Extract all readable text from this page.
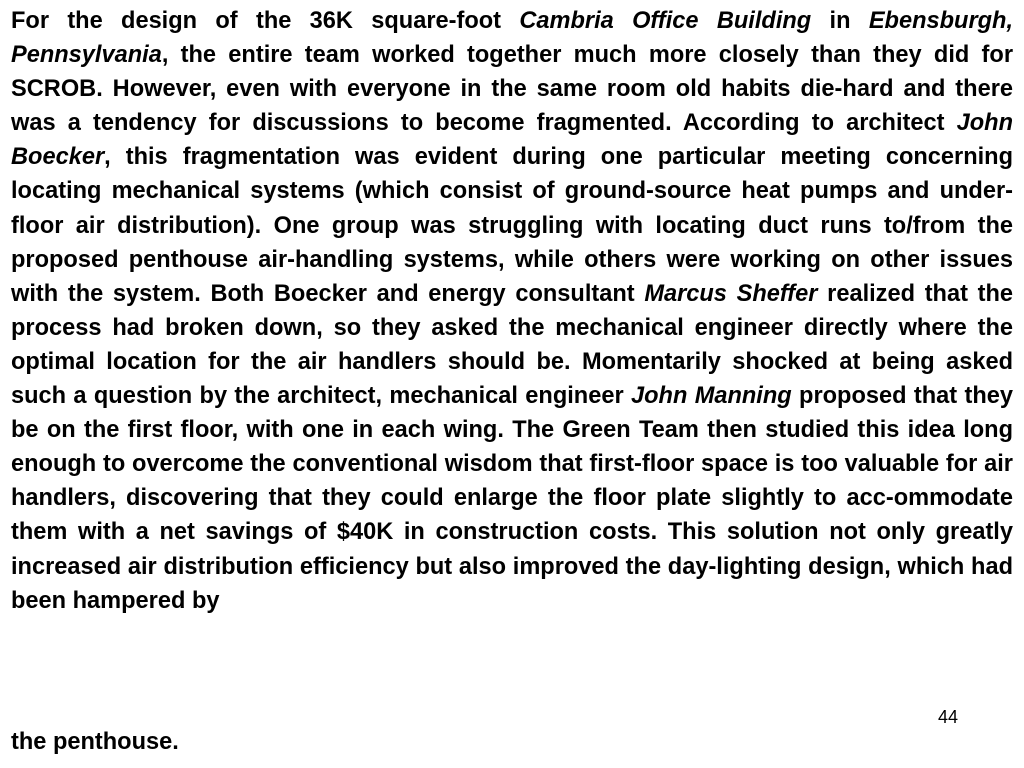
For the design of the 36K square-foot Cambria Office Building in Ebensburgh, Pennsylvania, the entire team worked together much more closely than they did for SCROB. However, even with everyone in the same room old habits die-hard and there was a tendency for discussions to become fragmented. According to architect John Boecker, this fragmentation was evident during one particular meeting concerning locating mechanical systems (which consist of ground-source heat pumps and under-floor air distribution). One group was struggling with locating duct runs to/from the proposed penthouse air-handling systems, while others were working on other issues with the system. Both Boecker and energy consultant Marcus Sheffer realized that the process had broken down, so they asked the mechanical engineer directly where the optimal location for the air handlers should be. Momentarily shocked at being asked such a question by the architect, mechanical engineer John Manning proposed that they be on the first floor, with one in each wing. The Green Team then studied this idea long enough to overcome the conventional wisdom that first-floor space is too valuable for air handlers, discovering that they could enlarge the floor plate slightly to acc-ommodate them with a net savings of $40K in construction costs. This solution not only greatly increased air distribution efficiency but also improved the day-lighting design, which had been hampered by

the penthouse.

44
